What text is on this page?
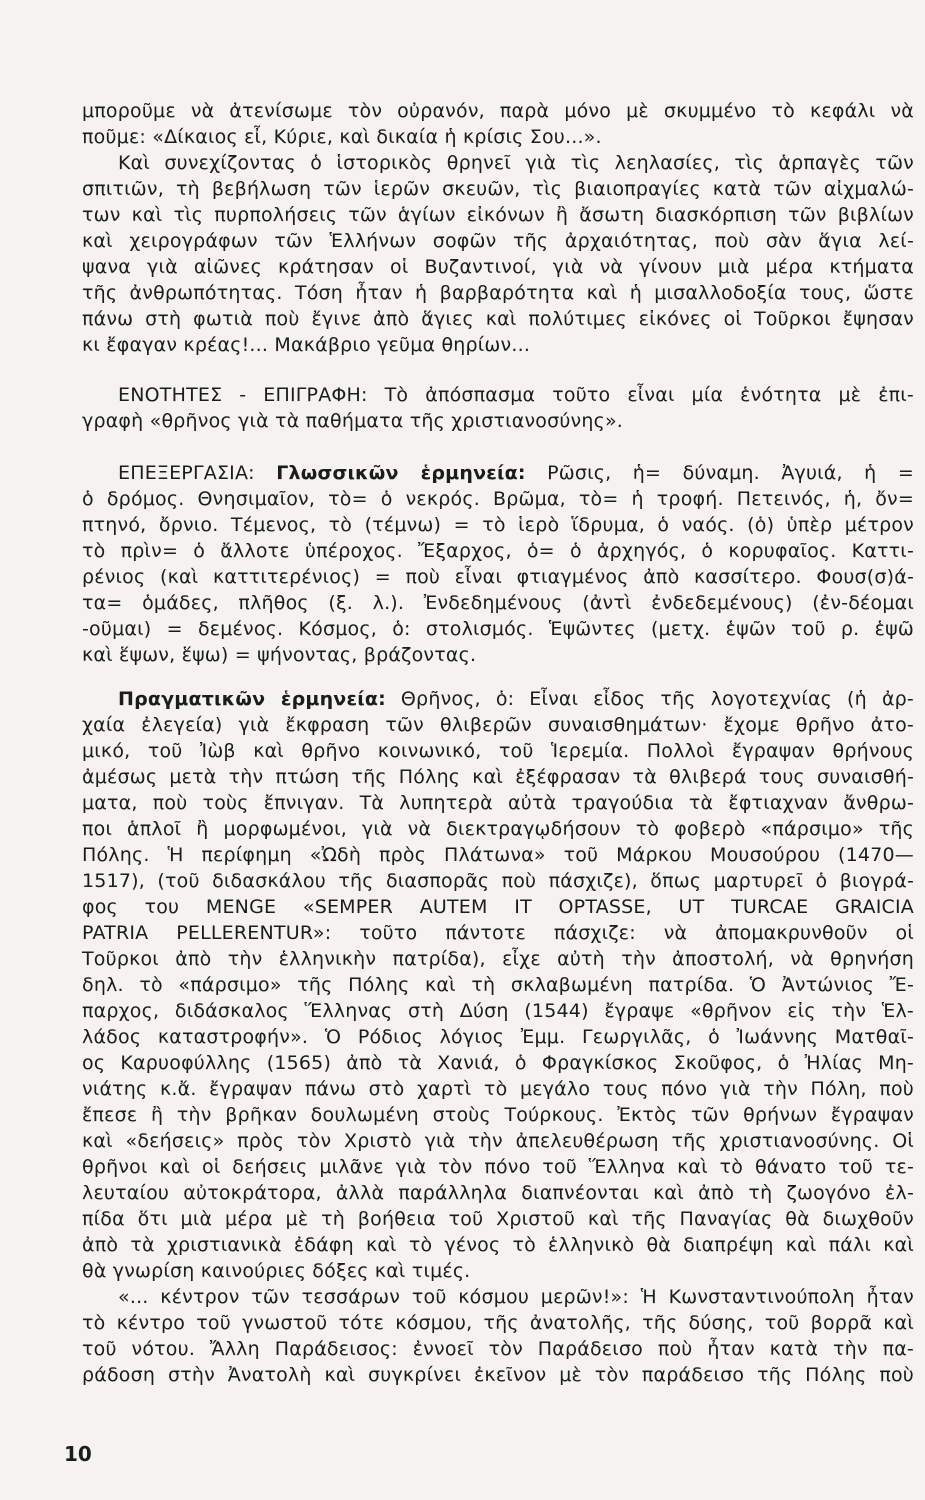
μποροῦμε νὰ ἀτενίσωμε τὸν οὐρανόν, παρὰ μόνο μὲ σκυμμένο τὸ κεφάλι νὰ
ποῦμε: «Δίκαιος εἶ, Κύριε, καὶ δικαία ἡ κρίσις Σου...».
Καὶ συνεχίζοντας ὁ ἱστορικὸς θρηνεῖ γιὰ τὶς λεηλασίες, τὶς ἁρπαγὲς τῶν
σπιτιῶν, τὴ βεβήλωση τῶν ἱερῶν σκευῶν, τὶς βιαιοπραγίες κατὰ τῶν αἰχμαλώ-
των καὶ τὶς πυρπολήσεις τῶν ἁγίων εἰκόνων ἢ ἄσωτη διασκόρπιση τῶν βιβλίων
καὶ χειρογράφων τῶν Ἑλλήνων σοφῶν τῆς ἀρχαιότητας, ποὺ σὰν ἅγια λεί-
ψανα γιὰ αἰῶνες κράτησαν οἱ Βυζαντινοί, γιὰ νὰ γίνουν μιὰ μέρα κτήματα
τῆς ἀνθρωπότητας. Τόση ἦταν ἡ βαρβαρότητα καὶ ἡ μισαλλοδοξία τους, ὥστε
πάνω στὴ φωτιὰ ποὺ ἔγινε ἀπὸ ἅγιες καὶ πολύτιμες εἰκόνες οἱ Τοῦρκοι ἔψησαν
κι ἔφαγαν κρέας!... Μακάβριο γεῦμα θηρίων...
ΕΝΟΤΗΤΕΣ - ΕΠΙΓΡΑΦΗ: Τὸ ἀπόσπασμα τοῦτο εἶναι μία ἑνότητα μὲ ἐπι-
γραφὴ «θρῆνος γιὰ τὰ παθήματα τῆς χριστιανοσύνης».
ΕΠΕΞΕΡΓΑΣΙΑ: Γλωσσικῶν ἑρμηνεία: Ρῶσις, ἡ= δύναμη. Ἀγυιά, ἡ =
ὁ δρόμος. Θνησιμαῖον, τὸ= ὁ νεκρός. Βρῶμα, τὸ= ἡ τροφή. Πετεινός, ἡ, ὄν=
πτηνό, ὄρνιο. Τέμενος, τὸ (τέμνω) = τὸ ἱερὸ ἵδρυμα, ὁ ναός. (ὁ) ὑπὲρ μέτρον
τὸ πρὶν= ὁ ἄλλοτε ὑπέροχος. Ἔξαρχος, ὁ= ὁ ἀρχηγός, ὁ κορυφαῖος. Καττι-
ρένιος (καὶ καττιτερένιος) = ποὺ εἶναι φτιαγμένος ἀπὸ κασσίτερο. Φουσ(σ)ά-
τα= ὁμάδες, πλῆθος (ξ. λ.). Ἐνδεδημένους (ἀντὶ ἐνδεδεμένους) (ἐν-δέομαι
-οῦμαι) = δεμένος. Κόσμος, ὁ: στολισμός. Ἑψῶντες (μετχ. ἑψῶν τοῦ ρ. ἑψῶ
καὶ ἕψων, ἕψω) = ψήνοντας, βράζοντας.
Πραγματικῶν ἑρμηνεία: Θρῆνος, ὁ: Εἶναι εἶδος τῆς λογοτεχνίας (ἡ ἀρ-
χαία ἐλεγεία) γιὰ ἔκφραση τῶν θλιβερῶν συναισθημάτων· ἔχομε θρῆνο ἀτο-
μικό, τοῦ Ἰὼβ καὶ θρῆνο κοινωνικό, τοῦ Ἱερεμία. Πολλοὶ ἔγραψαν θρήνους
ἀμέσως μετὰ τὴν πτώση τῆς Πόλης καὶ ἐξέφρασαν τὰ θλιβερά τους συναισθή-
ματα, ποὺ τοὺς ἔπνιγαν. Τὰ λυπητερὰ αὐτὰ τραγούδια τὰ ἔφτιαχναν ἄνθρω-
ποι ἁπλοῖ ἢ μορφωμένοι, γιὰ νὰ διεκτραγῳδήσουν τὸ φοβερὸ «πάρσιμο» τῆς
Πόλης. Ἡ περίφημη «Ὠδὴ πρὸς Πλάτωνα» τοῦ Μάρκου Μουσούρου (1470—
1517), (τοῦ διδασκάλου τῆς διασπορᾶς ποὺ πάσχιζε), ὅπως μαρτυρεῖ ὁ βιογρά-
φος του MENGE «SEMPER AUTEM IT OPTASSE, UT TURCAE GRAICIA
PATRIA PELLERENTUR»: τοῦτο πάντοτε πάσχιζε: νὰ ἀπομακρυνθοῦν οἱ
Τοῦρκοι ἀπὸ τὴν ἑλληνικὴν πατρίδα), εἶχε αὐτὴ τὴν ἀποστολή, νὰ θρηνήση
δηλ. τὸ «πάρσιμο» τῆς Πόλης καὶ τὴ σκλαβωμένη πατρίδα. Ὁ Ἀντώνιος Ἔ-
παρχος, διδάσκαλος Ἕλληνας στὴ Δύση (1544) ἔγραψε «θρῆνον εἰς τὴν Ἑλ-
λάδος καταστροφήν». Ὁ Ρόδιος λόγιος Ἐμμ. Γεωργιλᾶς, ὁ Ἰωάννης Ματθαῖ-
ος Καρυοφύλλης (1565) ἀπὸ τὰ Χανιά, ὁ Φραγκίσκος Σκοῦφος, ὁ Ἠλίας Μη-
νιάτης κ.ἄ. ἔγραψαν πάνω στὸ χαρτὶ τὸ μεγάλο τους πόνο γιὰ τὴν Πόλη, ποὺ
ἔπεσε ἢ τὴν βρῆκαν δουλωμένη στοὺς Τούρκους. Ἐκτὸς τῶν θρήνων ἔγραψαν
καὶ «δεήσεις» πρὸς τὸν Χριστὸ γιὰ τὴν ἀπελευθέρωση τῆς χριστιανοσύνης. Οἱ
θρῆνοι καὶ οἱ δεήσεις μιλᾶνε γιὰ τὸν πόνο τοῦ Ἕλληνα καὶ τὸ θάνατο τοῦ τε-
λευταίου αὐτοκράτορα, ἀλλὰ παράλληλα διαπνέονται καὶ ἀπὸ τὴ ζωογόνο ἐλ-
πίδα ὅτι μιὰ μέρα μὲ τὴ βοήθεια τοῦ Χριστοῦ καὶ τῆς Παναγίας θὰ διωχθοῦν
ἀπὸ τὰ χριστιανικὰ ἐδάφη καὶ τὸ γένος τὸ ἑλληνικὸ θὰ διαπρέψη καὶ πάλι καὶ
θὰ γνωρίση καινούριες δόξες καὶ τιμές.
«... κέντρον τῶν τεσσάρων τοῦ κόσμου μερῶν!»: Ἡ Κωνσταντινούπολη ἦταν
τὸ κέντρο τοῦ γνωστοῦ τότε κόσμου, τῆς ἀνατολῆς, τῆς δύσης, τοῦ βορρᾶ καὶ
τοῦ νότου. Ἄλλη Παράδεισος: ἐννοεῖ τὸν Παράδεισο ποὺ ἦταν κατὰ τὴν πα-
ράδοση στὴν Ἀνατολὴ καὶ συγκρίνει ἐκεῖνον μὲ τὸν παράδεισο τῆς Πόλης ποὺ
10
